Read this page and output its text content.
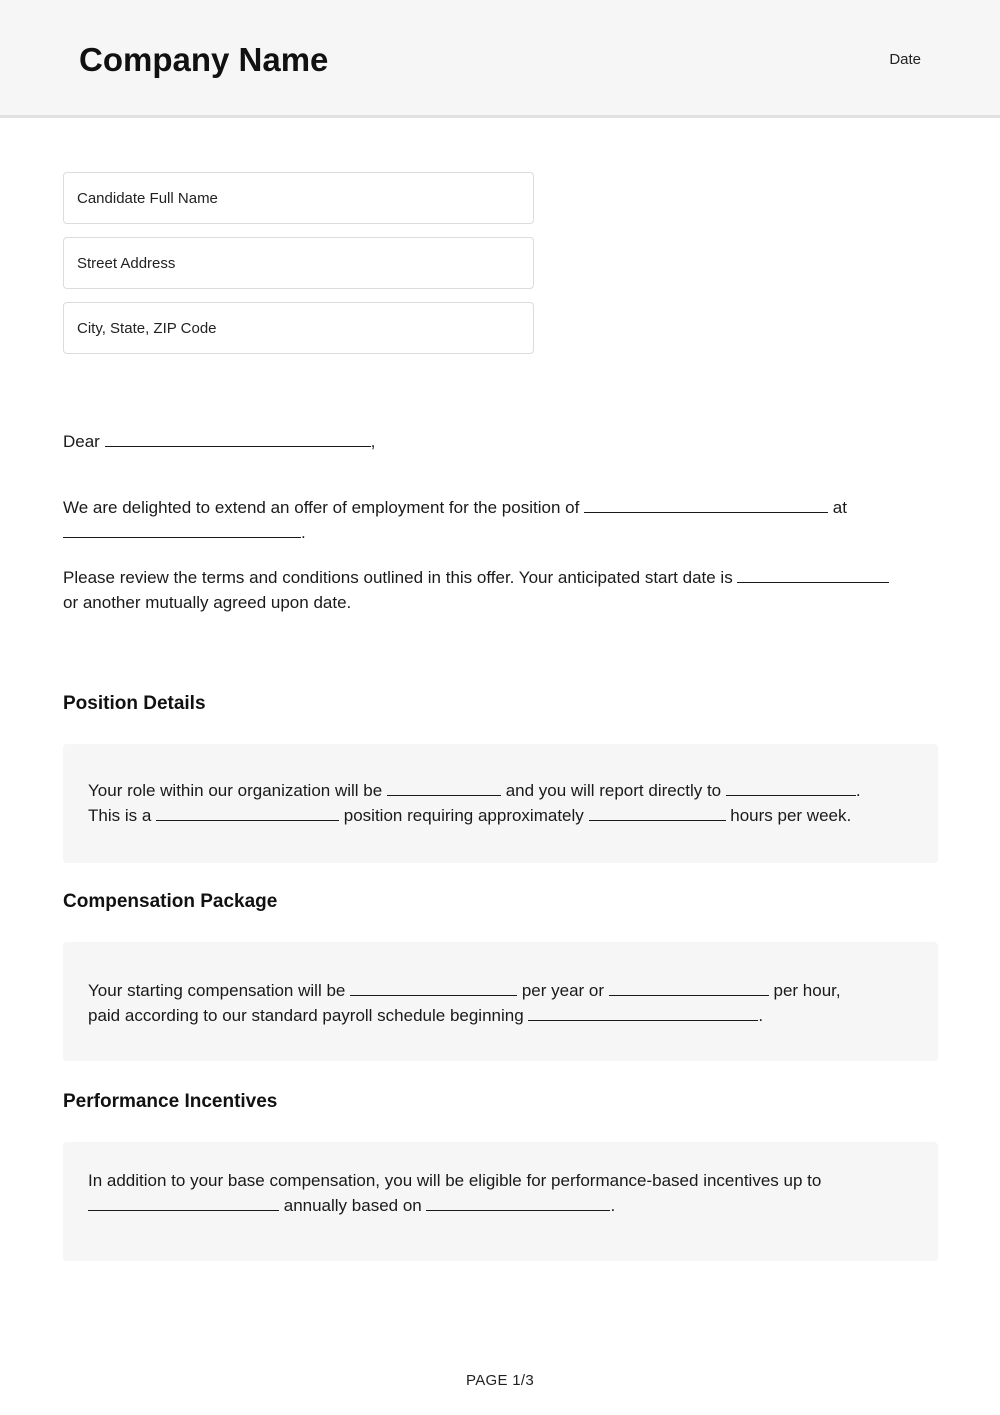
Company Name	Date
Candidate Full Name
Street Address
City, State, ZIP Code
Dear	,
We are delighted to extend an offer of employment for the position of	at
.
Please review the terms and conditions outlined in this offer. Your anticipated start date is
or another mutually agreed upon date.
Position Details
Your role within our organization will be	and you will report directly to	.
This is a	position requiring approximately	hours per week.
Compensation Package
Your starting compensation will be	per year or	per hour,
paid according to our standard payroll schedule beginning	.
Performance Incentives
In addition to your base compensation, you will be eligible for performance-based incentives up to
annually based on	.
PAGE 1/3
